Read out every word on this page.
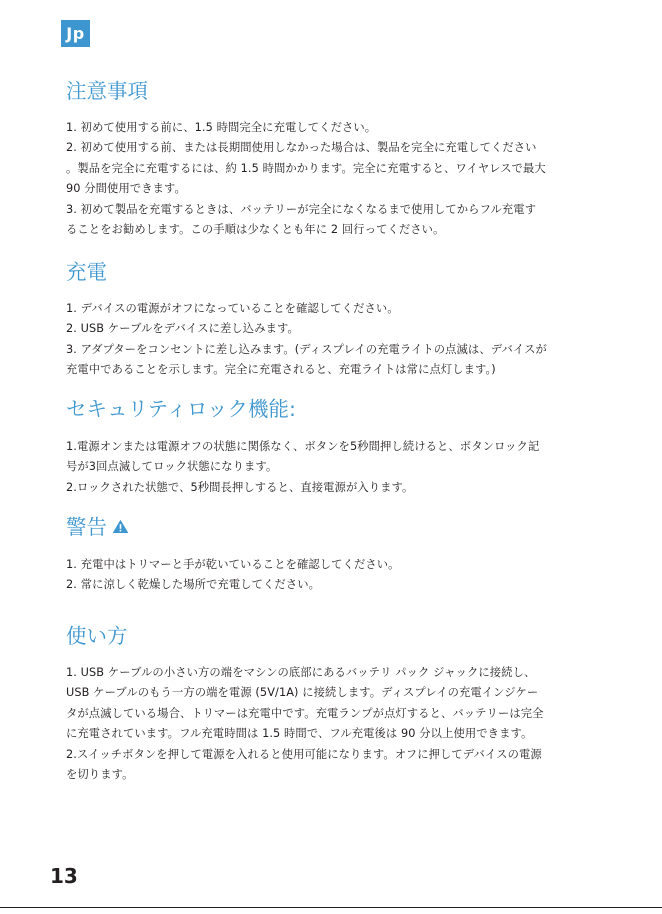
Jp
注意事項

1. 初めて使用する前に、1.5 時間完全に充電してください。

2. 初めて使用する前、または長期間使用しなかった場合は、製品を完全に充電してください

。製品を完全に充電するには、約 1.5 時間かかります。完全に充電すると、ワイヤレスで最大

90 分間使用できます。

3. 初めて製品を充電するときは、バッテリーが完全になくなるまで使用してからフル充電す

ることをお勧めします。この手順は少なくとも年に 2 回行ってください。

充電

1. デバイスの電源がオフになっていることを確認してください。

2. USB ケーブルをデバイスに差し込みます。

3. アダプターをコンセントに差し込みます。(ディスプレイの充電ライトの点滅は、デバイスが

充電中であることを示します。完全に充電されると、充電ライトは常に点灯します。)

セキュリティロック機能:

1.電源オンまたは電源オフの状態に関係なく、ボタンを5秒間押し続けると、ボタンロック記

号が3回点滅してロック状態になります。

2.ロックされた状態で、5秒間長押しすると、直接電源が入ります。

警告

1. 充電中はトリマーと手が乾いていることを確認してください。

2. 常に涼しく乾燥した場所で充電してください。

使い方

1. USB ケーブルの小さい方の端をマシンの底部にあるバッテリ パック ジャックに接続し、

USB ケーブルのもう一方の端を電源 (5V/1A) に接続します。ディスプレイの充電インジケー

タが点滅している場合、トリマーは充電中です。充電ランプが点灯すると、バッテリーは完全

に充電されています。フル充電時間は 1.5 時間で、フル充電後は 90 分以上使用できます。

2.スイッチボタンを押して電源を入れると使用可能になります。オフに押してデバイスの電源

を切ります。

13
